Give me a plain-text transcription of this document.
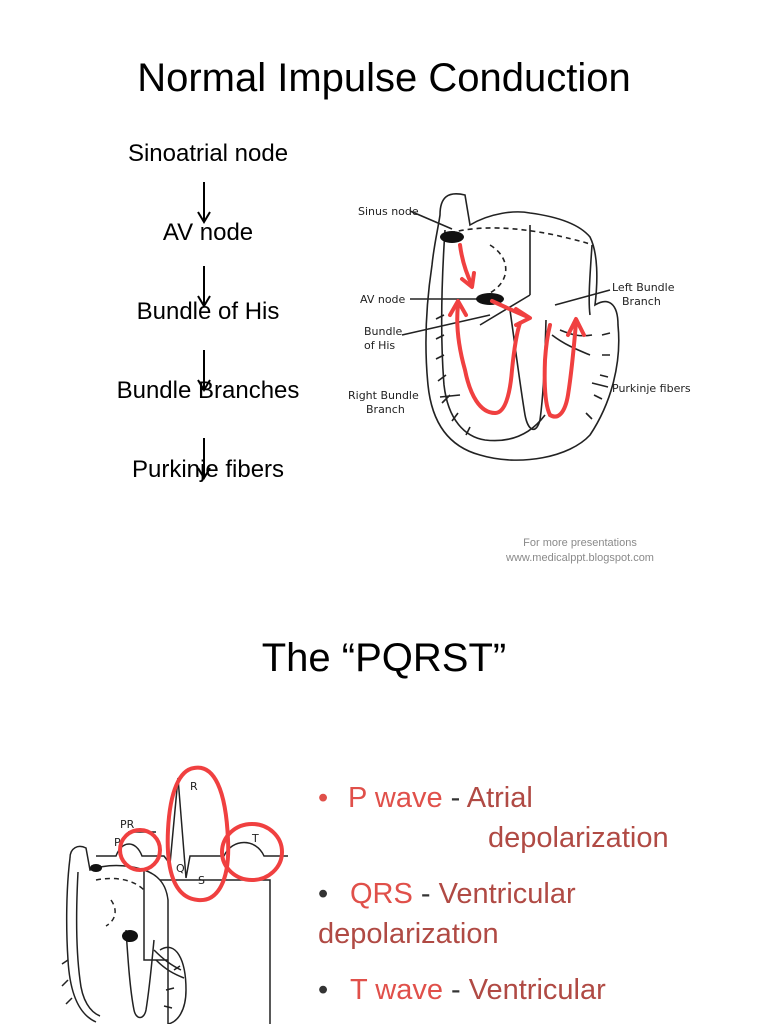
Normal Impulse Conduction
Sinoatrial node
AV node
Bundle of His
Bundle Branches
Purkinje fibers
Sinus node
AV node
Bundle
of His
Right Bundle
Branch
Left Bundle
Branch
Purkinje fibers
For more presentations
www.medicalppt.blogspot.com
The “PQRST”
PR
P
R
Q
S
T
• P wave - Atrial
depolarization
• QRS - Ventricular
depolarization
• T wave - Ventricular
